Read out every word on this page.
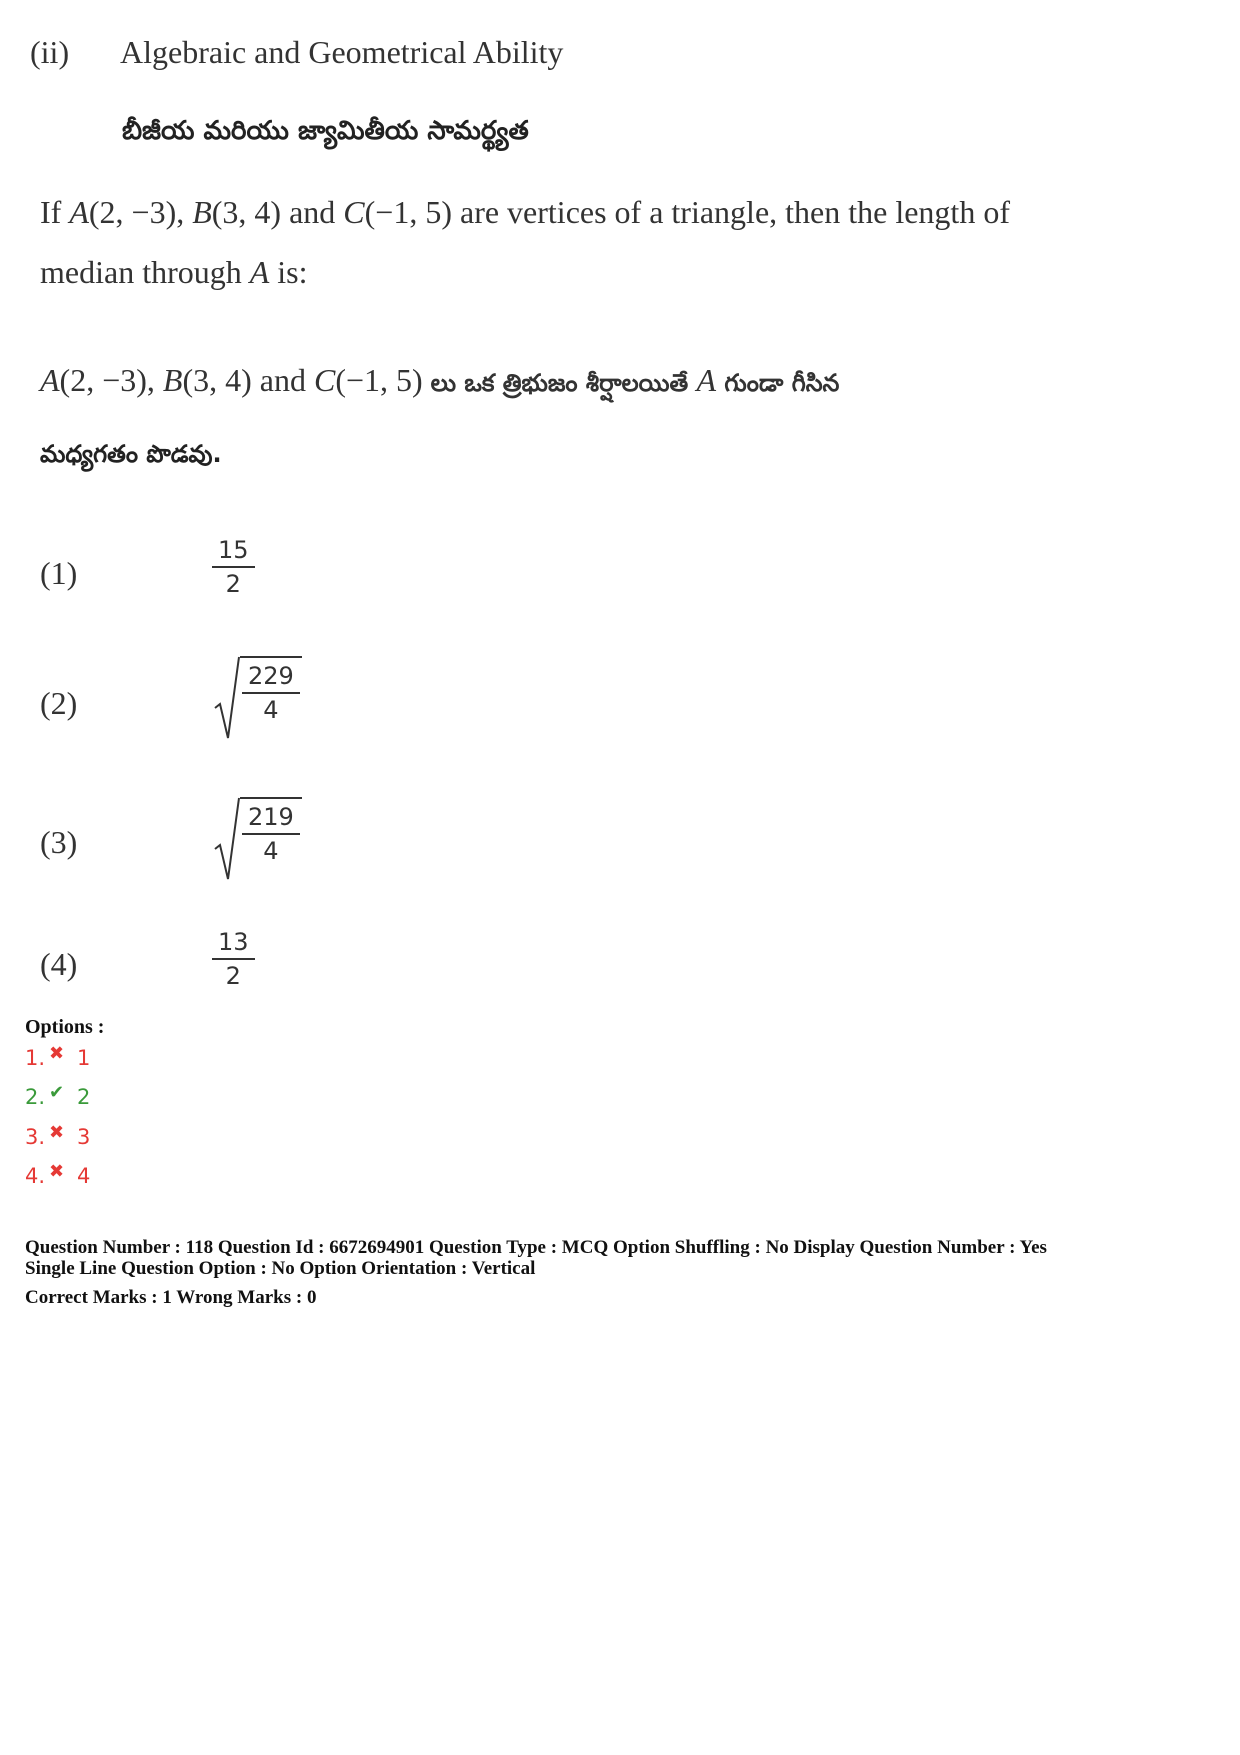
(ii) Algebraic and Geometrical Ability
బీజీయ మరియు జ్యామితీయ సామర్థ్యత
If A(2, −3), B(3, 4) and C(−1, 5) are vertices of a triangle, then the length of median through A is:
A(2, −3), B(3, 4) and C(−1, 5) లు ఒక త్రిభుజం శీర్షాలయితే A గుండా గీసిన
మధ్యగతం పొడవు.
(1)	$\frac{15}{2}$
(2)	$\frac{229}{4}$
(3)	$\frac{219}{4}$
(4)	$\frac{13}{2}$
Options :
1. ✖ 1
2. ✔ 2
3. ✖ 3
4. ✖ 4
Question Number : 118 Question Id : 6672694901 Question Type : MCQ Option Shuffling : No Display Question Number : Yes
Single Line Question Option : No Option Orientation : Vertical
Correct Marks : 1 Wrong Marks : 0
